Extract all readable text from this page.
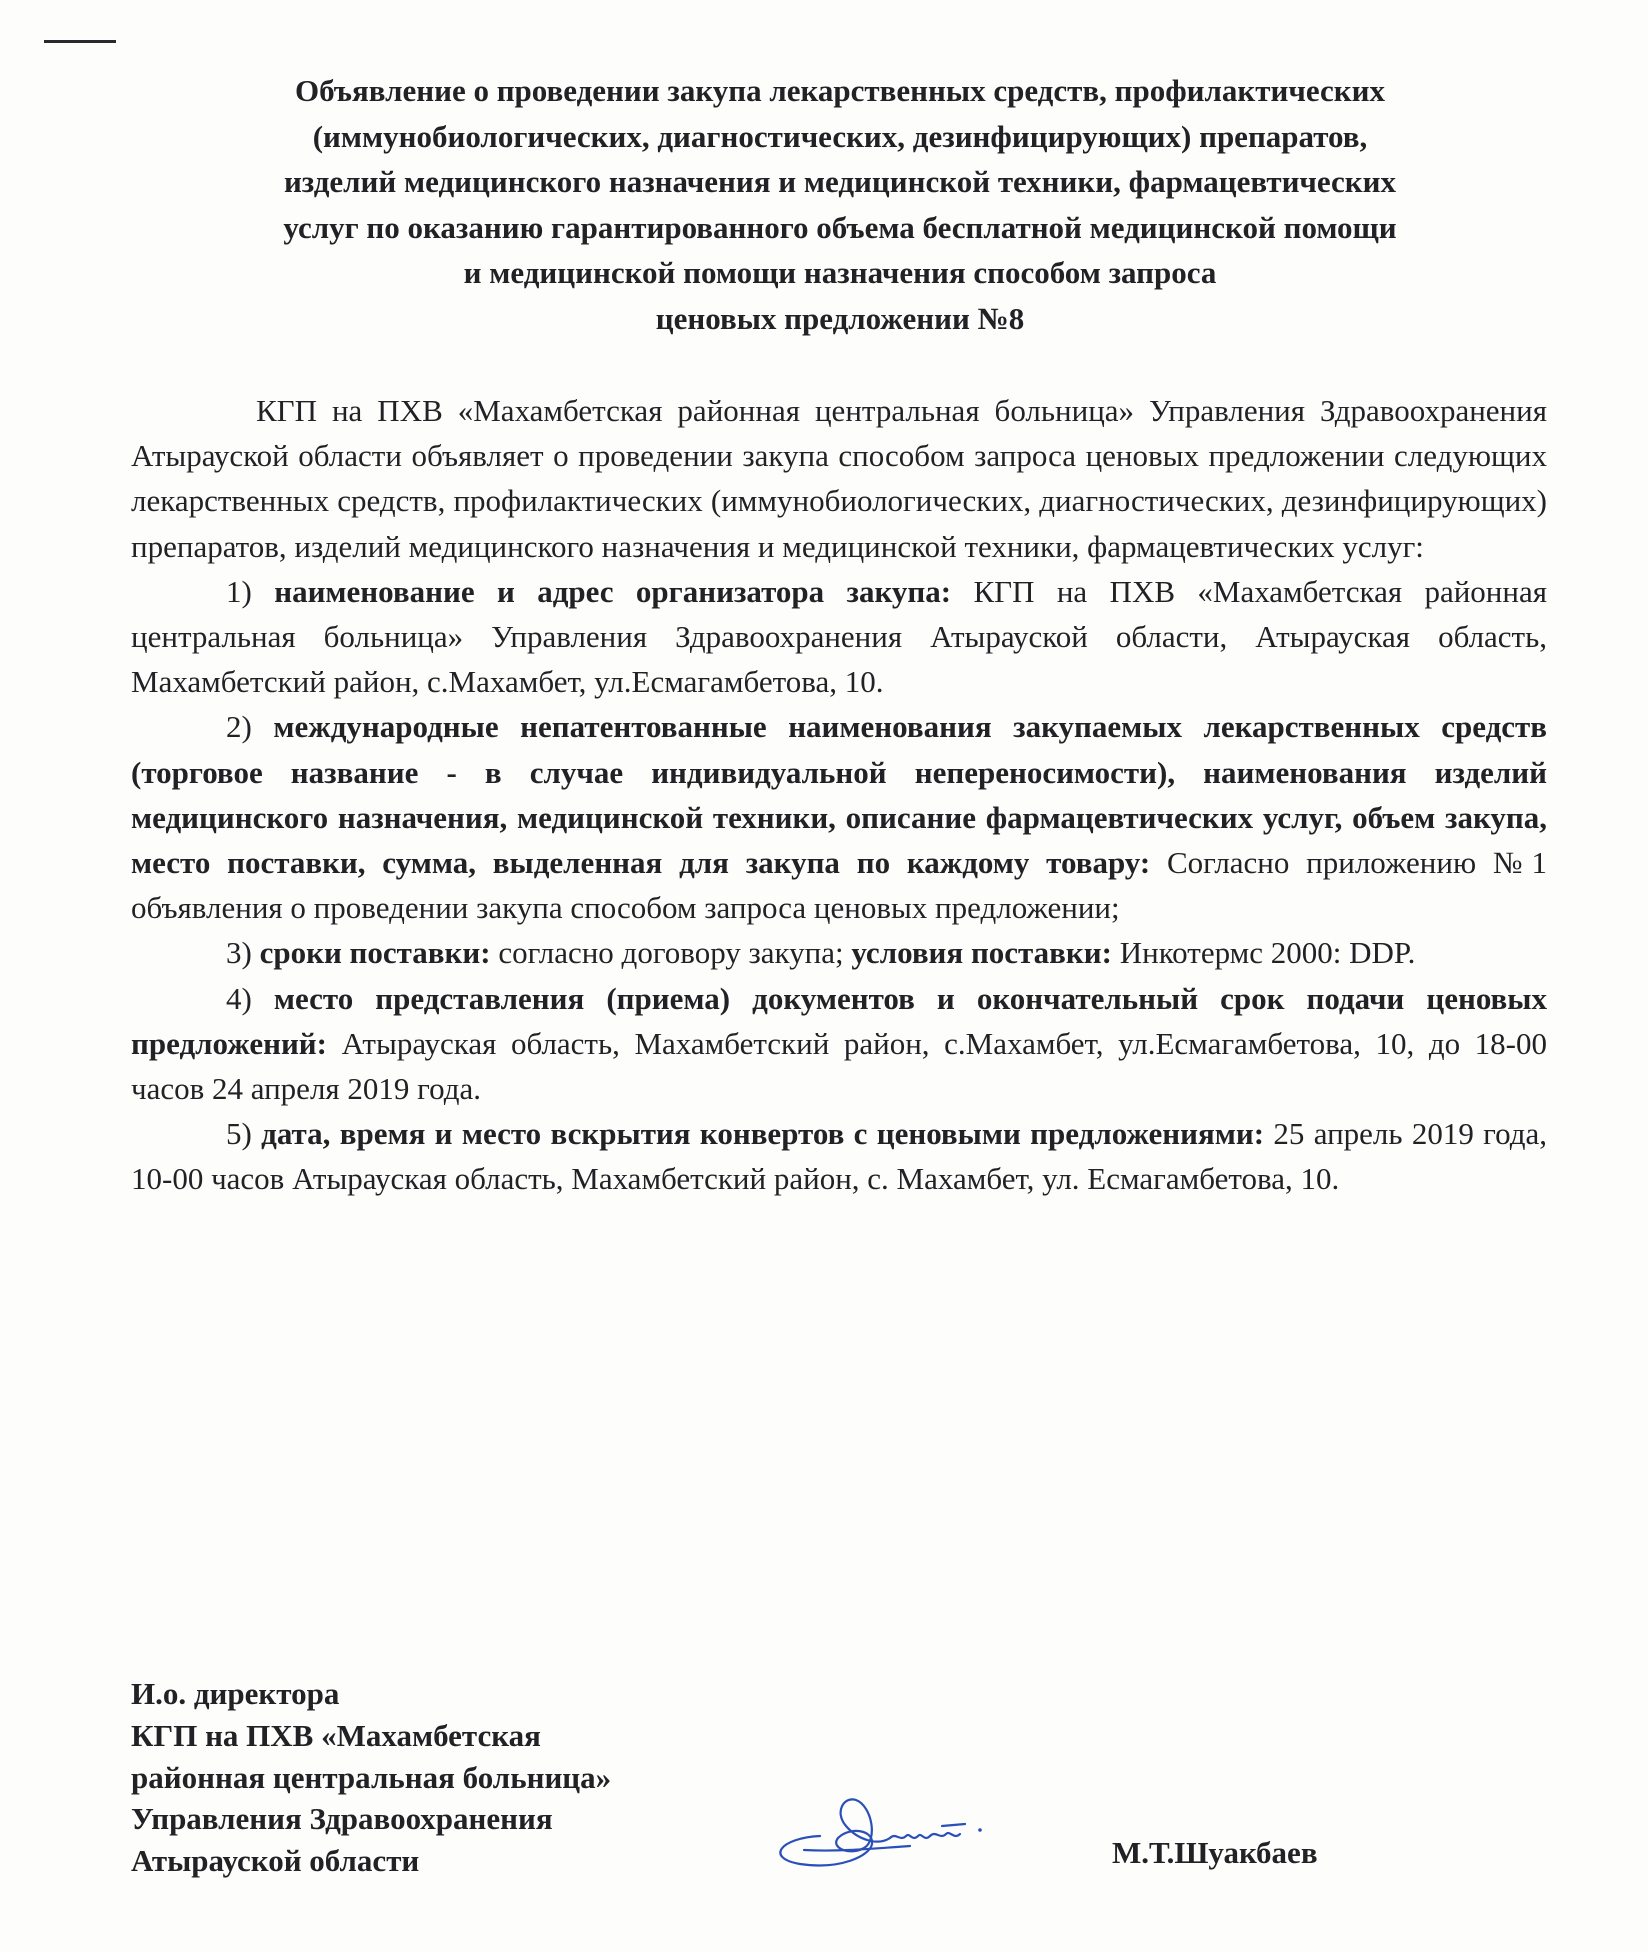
Объявление о проведении закупа лекарственных средств, профилактических
(иммунобиологических, диагностических, дезинфицирующих) препаратов,
изделий медицинского назначения и медицинской техники, фармацевтических
услуг по оказанию гарантированного объема бесплатной медицинской помощи
и медицинской помощи назначения способом запроса
ценовых предложении №8

КГП на ПХВ «Махамбетская районная центральная больница» Управления Здравоохранения Атырауской области объявляет о проведении закупа способом запроса ценовых предложении следующих лекарственных средств, профилактических (иммунобиологических, диагностических, дезинфицирующих) препаратов, изделий медицинского назначения и медицинской техники, фармацевтических услуг:

1) наименование и адрес организатора закупа: КГП на ПХВ «Махамбетская районная центральная больница» Управления Здравоохранения Атырауской области, Атырауская область, Махамбетский район, с.Махамбет, ул.Есмагамбетова, 10.

2) международные непатентованные наименования закупаемых лекарственных средств (торговое название - в случае индивидуальной непереносимости), наименования изделий медицинского назначения, медицинской техники, описание фармацевтических услуг, объем закупа, место поставки, сумма, выделенная для закупа по каждому товару: Согласно приложению №1 объявления о проведении закупа способом запроса ценовых предложении;

3) сроки поставки: согласно договору закупа; условия поставки: Инкотермс 2000: DDP.

4) место представления (приема) документов и окончательный срок подачи ценовых предложений: Атырауская область, Махамбетский район, с.Махамбет, ул.Есмагамбетова, 10, до 18-00 часов 24 апреля 2019 года.

5) дата, время и место вскрытия конвертов с ценовыми предложениями: 25 апрель 2019 года, 10-00 часов Атырауская область, Махамбетский район, с. Махамбет, ул. Есмагамбетова, 10.

И.о. директора
КГП на ПХВ «Махамбетская
районная центральная больница»
Управления Здравоохранения
Атырауской области	М.Т.Шуакбаев
